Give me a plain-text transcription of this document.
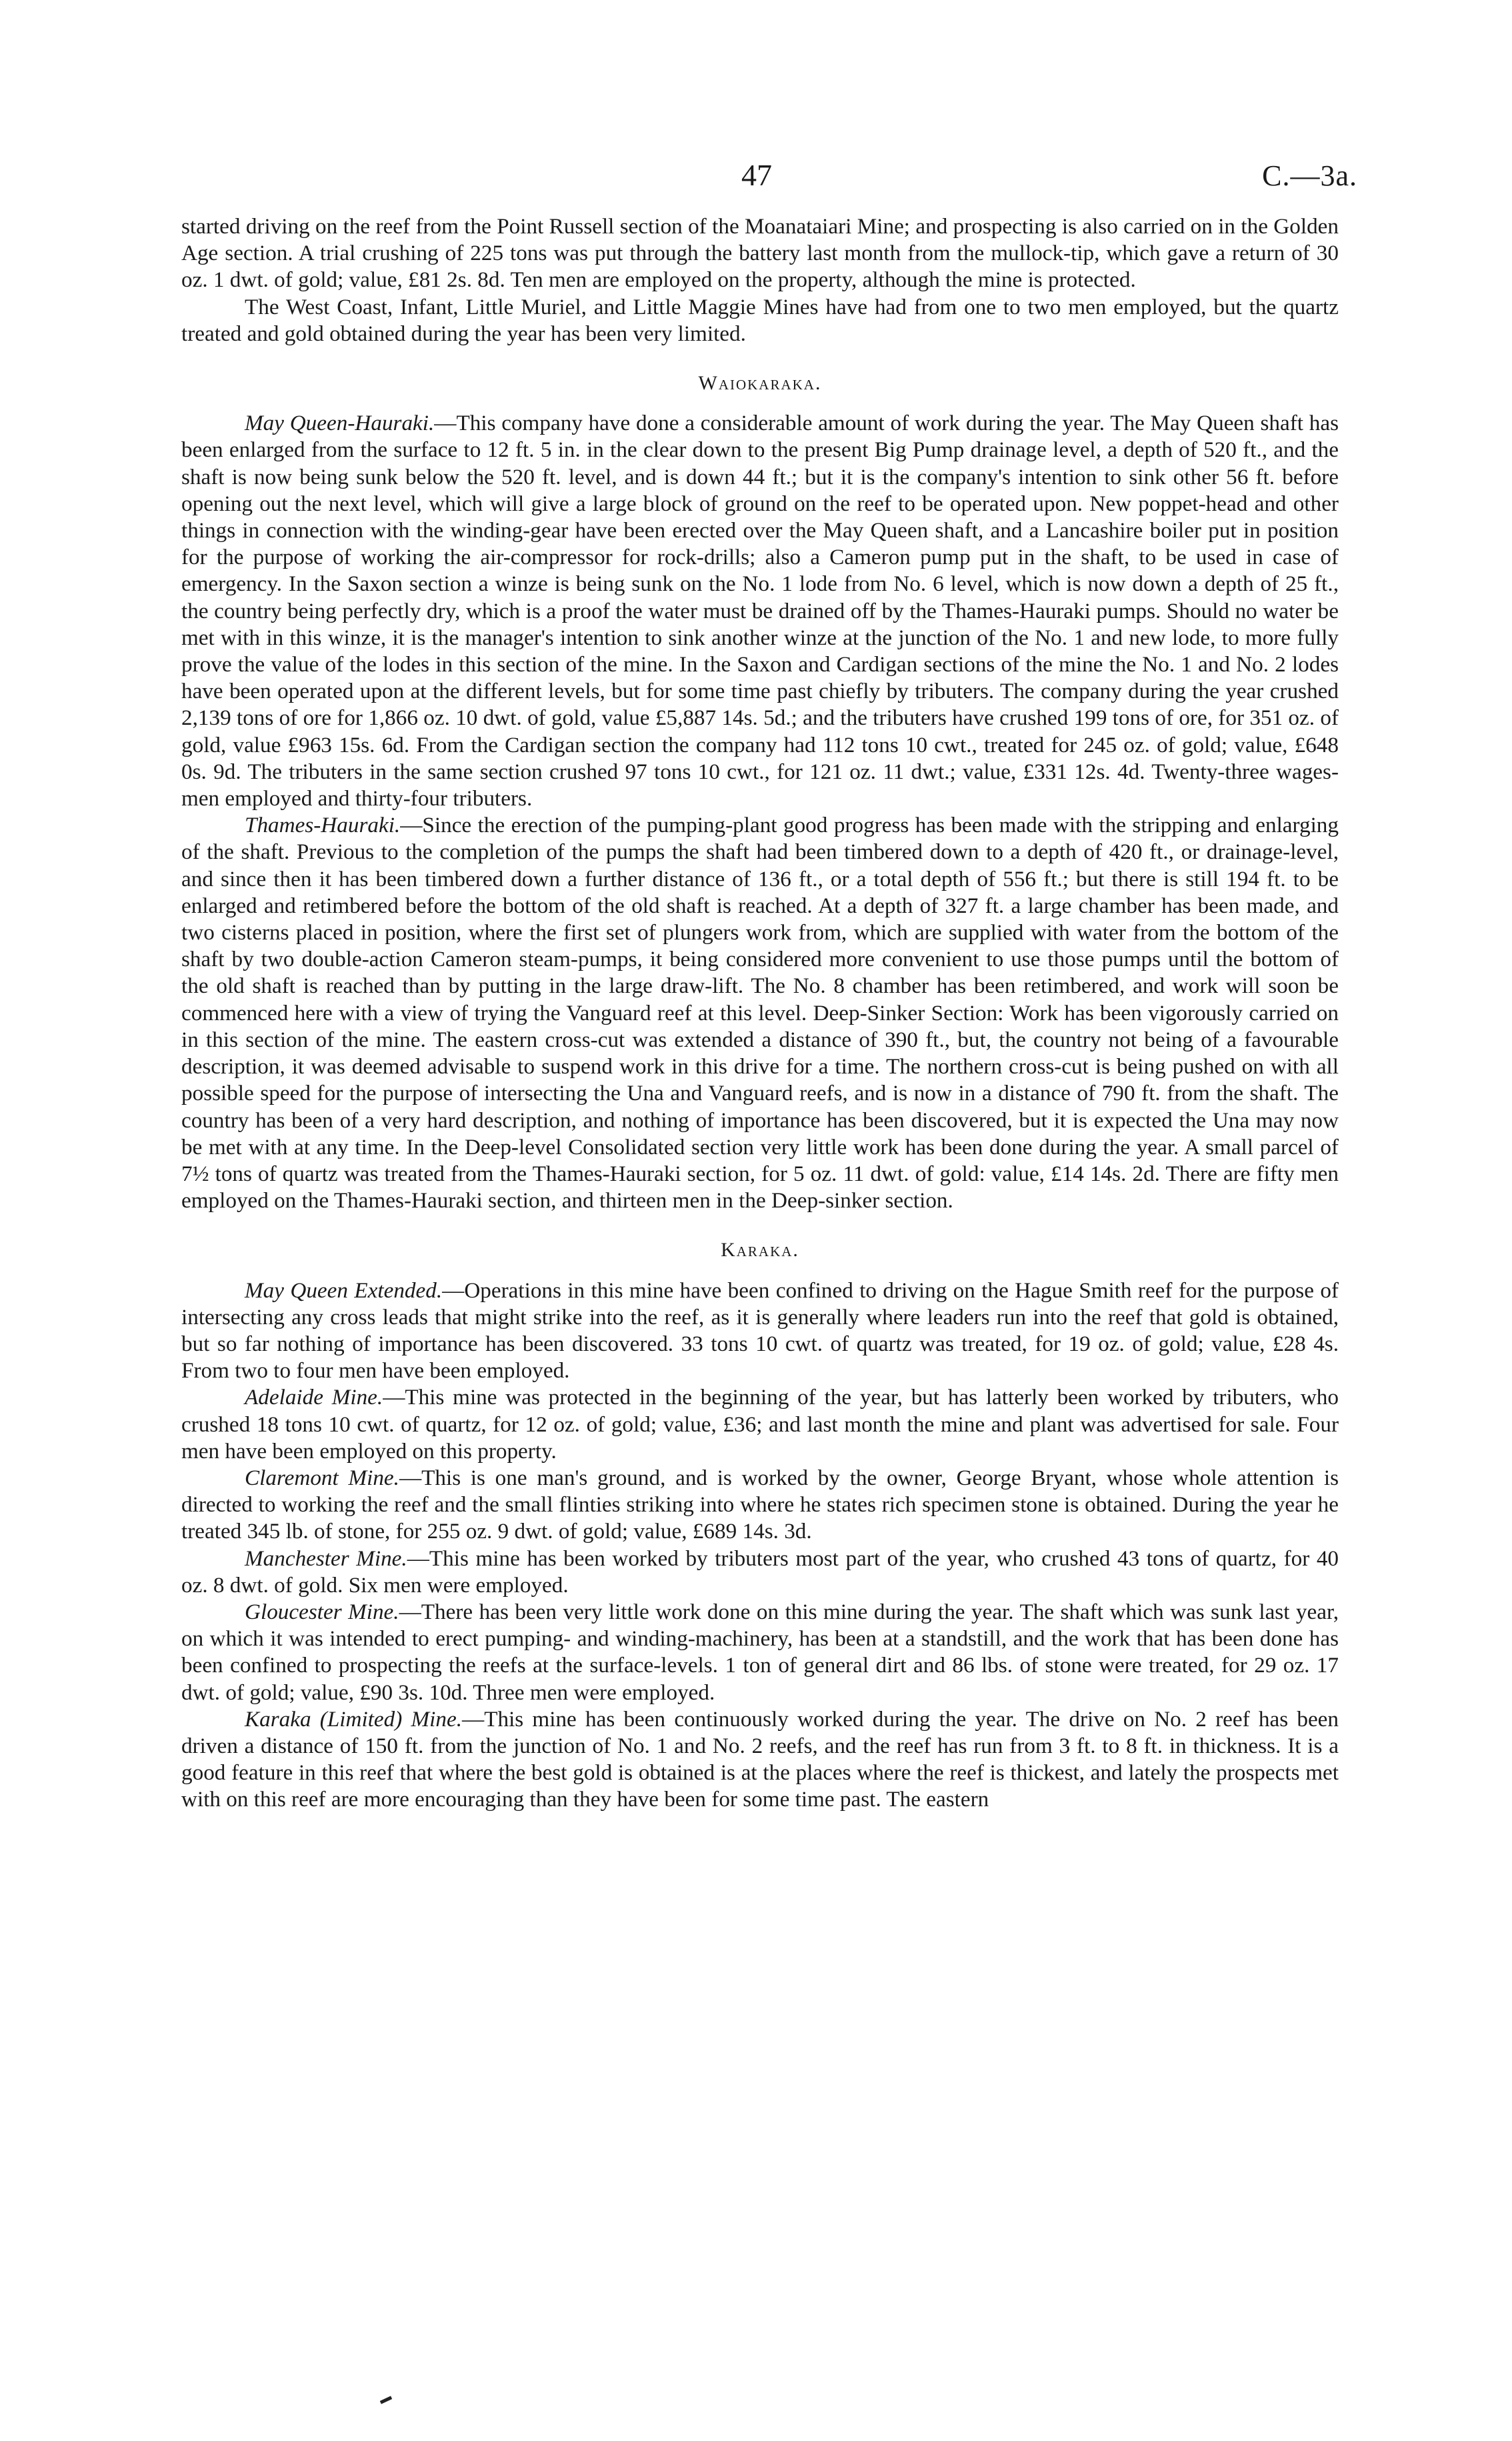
47	C.—3a.

started driving on the reef from the Point Russell section of the Moanataiari Mine; and prospecting is also carried on in the Golden Age section. A trial crushing of 225 tons was put through the battery last month from the mullock-tip, which gave a return of 30 oz. 1 dwt. of gold; value, £81 2s. 8d. Ten men are employed on the property, although the mine is protected.

The West Coast, Infant, Little Muriel, and Little Maggie Mines have had from one to two men employed, but the quartz treated and gold obtained during the year has been very limited.

Waiokaraka.

May Queen-Hauraki.—This company have done a considerable amount of work during the year. The May Queen shaft has been enlarged from the surface to 12 ft. 5 in. in the clear down to the present Big Pump drainage level, a depth of 520 ft., and the shaft is now being sunk below the 520 ft. level, and is down 44 ft.; but it is the company's intention to sink other 56 ft. before opening out the next level, which will give a large block of ground on the reef to be operated upon. New poppet-head and other things in connection with the winding-gear have been erected over the May Queen shaft, and a Lancashire boiler put in position for the purpose of working the air-compressor for rock-drills; also a Cameron pump put in the shaft, to be used in case of emergency. In the Saxon section a winze is being sunk on the No. 1 lode from No. 6 level, which is now down a depth of 25 ft., the country being perfectly dry, which is a proof the water must be drained off by the Thames-Hauraki pumps. Should no water be met with in this winze, it is the manager's intention to sink another winze at the junction of the No. 1 and new lode, to more fully prove the value of the lodes in this section of the mine. In the Saxon and Cardigan sections of the mine the No. 1 and No. 2 lodes have been operated upon at the different levels, but for some time past chiefly by tributers. The company during the year crushed 2,139 tons of ore for 1,866 oz. 10 dwt. of gold, value £5,887 14s. 5d.; and the tributers have crushed 199 tons of ore, for 351 oz. of gold, value £963 15s. 6d. From the Cardigan section the company had 112 tons 10 cwt., treated for 245 oz. of gold; value, £648 0s. 9d. The tributers in the same section crushed 97 tons 10 cwt., for 121 oz. 11 dwt.; value, £331 12s. 4d. Twenty-three wages-men employed and thirty-four tributers.

Thames-Hauraki.—Since the erection of the pumping-plant good progress has been made with the stripping and enlarging of the shaft. Previous to the completion of the pumps the shaft had been timbered down to a depth of 420 ft., or drainage-level, and since then it has been timbered down a further distance of 136 ft., or a total depth of 556 ft.; but there is still 194 ft. to be enlarged and retimbered before the bottom of the old shaft is reached. At a depth of 327 ft. a large chamber has been made, and two cisterns placed in position, where the first set of plungers work from, which are supplied with water from the bottom of the shaft by two double-action Cameron steam-pumps, it being considered more convenient to use those pumps until the bottom of the old shaft is reached than by putting in the large draw-lift. The No. 8 chamber has been retimbered, and work will soon be commenced here with a view of trying the Vanguard reef at this level. Deep-Sinker Section: Work has been vigorously carried on in this section of the mine. The eastern cross-cut was extended a distance of 390 ft., but, the country not being of a favourable description, it was deemed advisable to suspend work in this drive for a time. The northern cross-cut is being pushed on with all possible speed for the purpose of intersecting the Una and Vanguard reefs, and is now in a distance of 790 ft. from the shaft. The country has been of a very hard description, and nothing of importance has been discovered, but it is expected the Una may now be met with at any time. In the Deep-level Consolidated section very little work has been done during the year. A small parcel of 7½ tons of quartz was treated from the Thames-Hauraki section, for 5 oz. 11 dwt. of gold: value, £14 14s. 2d. There are fifty men employed on the Thames-Hauraki section, and thirteen men in the Deep-sinker section.

Karaka.

May Queen Extended.—Operations in this mine have been confined to driving on the Hague Smith reef for the purpose of intersecting any cross leads that might strike into the reef, as it is generally where leaders run into the reef that gold is obtained, but so far nothing of importance has been discovered. 33 tons 10 cwt. of quartz was treated, for 19 oz. of gold; value, £28 4s. From two to four men have been employed.

Adelaide Mine.—This mine was protected in the beginning of the year, but has latterly been worked by tributers, who crushed 18 tons 10 cwt. of quartz, for 12 oz. of gold; value, £36; and last month the mine and plant was advertised for sale. Four men have been employed on this property.

Claremont Mine.—This is one man's ground, and is worked by the owner, George Bryant, whose whole attention is directed to working the reef and the small flinties striking into where he states rich specimen stone is obtained. During the year he treated 345 lb. of stone, for 255 oz. 9 dwt. of gold; value, £689 14s. 3d.

Manchester Mine.—This mine has been worked by tributers most part of the year, who crushed 43 tons of quartz, for 40 oz. 8 dwt. of gold. Six men were employed.

Gloucester Mine.—There has been very little work done on this mine during the year. The shaft which was sunk last year, on which it was intended to erect pumping- and winding-machinery, has been at a standstill, and the work that has been done has been confined to prospecting the reefs at the surface-levels. 1 ton of general dirt and 86 lbs. of stone were treated, for 29 oz. 17 dwt. of gold; value, £90 3s. 10d. Three men were employed.

Karaka (Limited) Mine.—This mine has been continuously worked during the year. The drive on No. 2 reef has been driven a distance of 150 ft. from the junction of No. 1 and No. 2 reefs, and the reef has run from 3 ft. to 8 ft. in thickness. It is a good feature in this reef that where the best gold is obtained is at the places where the reef is thickest, and lately the prospects met with on this reef are more encouraging than they have been for some time past. The eastern
